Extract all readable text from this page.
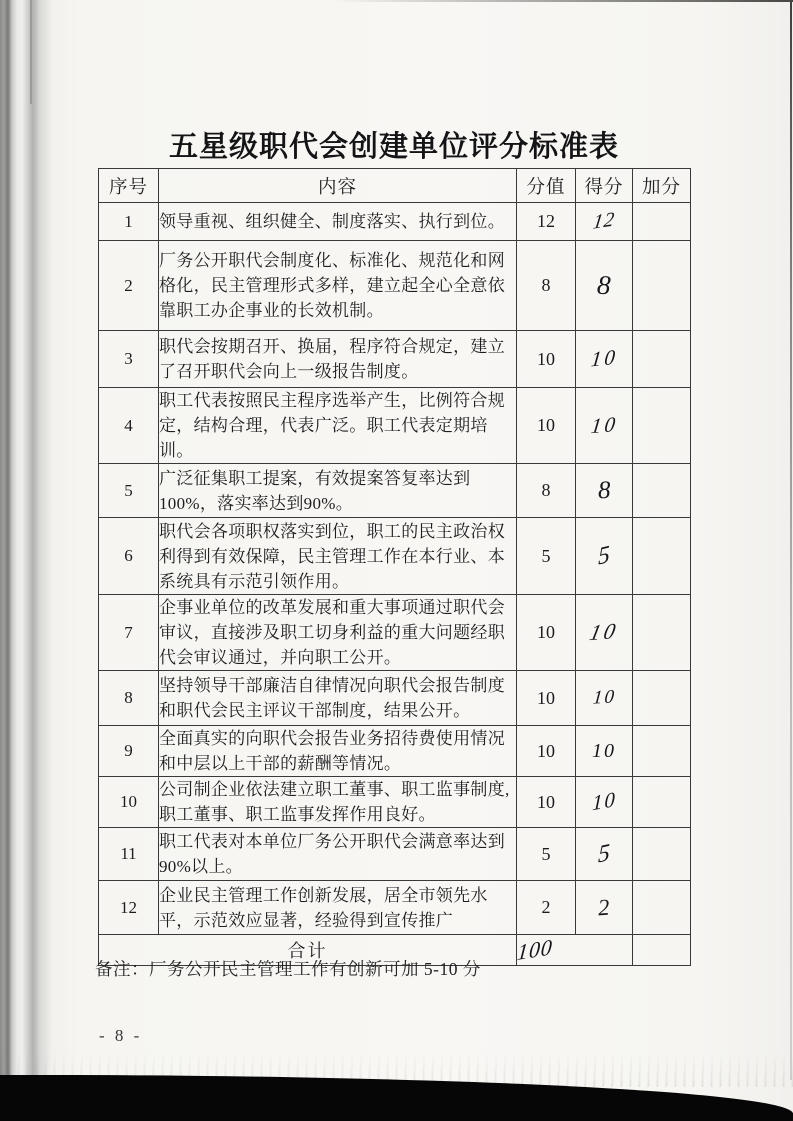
五星级职代会创建单位评分标准表
序号	内容	分值	得分	加分
1	领导重视、组织健全、制度落实、执行到位。	12	12	
2	厂务公开职代会制度化、标准化、规范化和网格化，民主管理形式多样，建立起全心全意依靠职工办企事业的长效机制。	8	8	
3	职代会按期召开、换届，程序符合规定，建立了召开职代会向上一级报告制度。	10	10	
4	职工代表按照民主程序选举产生，比例符合规定，结构合理，代表广泛。职工代表定期培训。	10	10	
5	广泛征集职工提案，有效提案答复率达到100%，落实率达到90%。	8	8	
6	职代会各项职权落实到位，职工的民主政治权利得到有效保障，民主管理工作在本行业、本系统具有示范引领作用。	5	5	
7	企事业单位的改革发展和重大事项通过职代会审议，直接涉及职工切身利益的重大问题经职代会审议通过，并向职工公开。	10	10	
8	坚持领导干部廉洁自律情况向职代会报告制度和职代会民主评议干部制度，结果公开。	10	10	
9	全面真实的向职代会报告业务招待费使用情况和中层以上干部的薪酬等情况。	10	10	
10	公司制企业依法建立职工董事、职工监事制度,职工董事、职工监事发挥作用良好。	10	10	
11	职工代表对本单位厂务公开职代会满意率达到90%以上。	5	5	
12	企业民主管理工作创新发展，居全市领先水平，示范效应显著，经验得到宣传推广	2	2	
合计		100		
备注：厂务公开民主管理工作有创新可加 5-10 分
- 8 -
